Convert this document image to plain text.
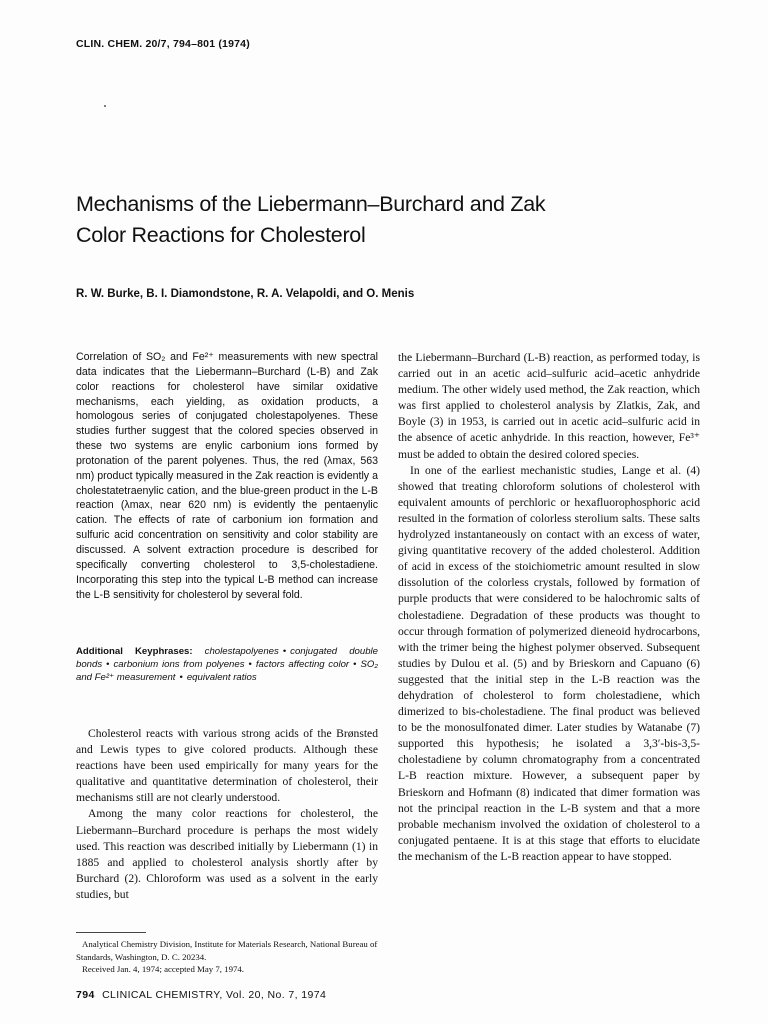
CLIN. CHEM. 20/7, 794–801 (1974)
Mechanisms of the Liebermann–Burchard and Zak
Color Reactions for Cholesterol
R. W. Burke, B. I. Diamondstone, R. A. Velapoldi, and O. Menis

Correlation of SO₂ and Fe²⁺ measurements with new spectral data indicates that the Liebermann–Burchard (L-B) and Zak color reactions for cholesterol have similar oxidative mechanisms, each yielding, as oxidation products, a homologous series of conjugated cholestapolyenes. These studies further suggest that the colored species observed in these two systems are enylic carbonium ions formed by protonation of the parent polyenes. Thus, the red (λmax, 563 nm) product typically measured in the Zak reaction is evidently a cholestatetraenylic cation, and the blue-green product in the L-B reaction (λmax, near 620 nm) is evidently the pentaenylic cation. The effects of rate of carbonium ion formation and sulfuric acid concentration on sensitivity and color stability are discussed. A solvent extraction procedure is described for specifically converting cholesterol to 3,5-cholestadiene. Incorporating this step into the typical L-B method can increase the L-B sensitivity for cholesterol by several fold.

Additional Keyphrases: cholestapolyenes • conjugated double bonds • carbonium ions from polyenes • factors affecting color • SO₂ and Fe²⁺ measurement • equivalent ratios

Cholesterol reacts with various strong acids of the Brønsted and Lewis types to give colored products. Although these reactions have been used empirically for many years for the qualitative and quantitative determination of cholesterol, their mechanisms still are not clearly understood.

Among the many color reactions for cholesterol, the Liebermann–Burchard procedure is perhaps the most widely used. This reaction was described initially by Liebermann (1) in 1885 and applied to cholesterol analysis shortly after by Burchard (2). Chloroform was used as a solvent in the early studies, but

the Liebermann–Burchard (L-B) reaction, as performed today, is carried out in an acetic acid–sulfuric acid–acetic anhydride medium. The other widely used method, the Zak reaction, which was first applied to cholesterol analysis by Zlatkis, Zak, and Boyle (3) in 1953, is carried out in acetic acid–sulfuric acid in the absence of acetic anhydride. In this reaction, however, Fe³⁺ must be added to obtain the desired colored species.

In one of the earliest mechanistic studies, Lange et al. (4) showed that treating chloroform solutions of cholesterol with equivalent amounts of perchloric or hexafluorophosphoric acid resulted in the formation of colorless sterolium salts. These salts hydrolyzed instantaneously on contact with an excess of water, giving quantitative recovery of the added cholesterol. Addition of acid in excess of the stoichiometric amount resulted in slow dissolution of the colorless crystals, followed by formation of purple products that were considered to be halochromic salts of cholestadiene. Degradation of these products was thought to occur through formation of polymerized dieneoid hydrocarbons, with the trimer being the highest polymer observed. Subsequent studies by Dulou et al. (5) and by Brieskorn and Capuano (6) suggested that the initial step in the L-B reaction was the dehydration of cholesterol to form cholestadiene, which dimerized to bis-cholestadiene. The final product was believed to be the monosulfonated dimer. Later studies by Watanabe (7) supported this hypothesis; he isolated a 3,3′-bis-3,5-cholestadiene by column chromatography from a concentrated L-B reaction mixture. However, a subsequent paper by Brieskorn and Hofmann (8) indicated that dimer formation was not the principal reaction in the L-B system and that a more probable mechanism involved the oxidation of cholesterol to a conjugated pentaene. It is at this stage that efforts to elucidate the mechanism of the L-B reaction appear to have stopped.

Analytical Chemistry Division, Institute for Materials Research, National Bureau of Standards, Washington, D. C. 20234.

Received Jan. 4, 1974; accepted May 7, 1974.

794 CLINICAL CHEMISTRY, Vol. 20, No. 7, 1974
